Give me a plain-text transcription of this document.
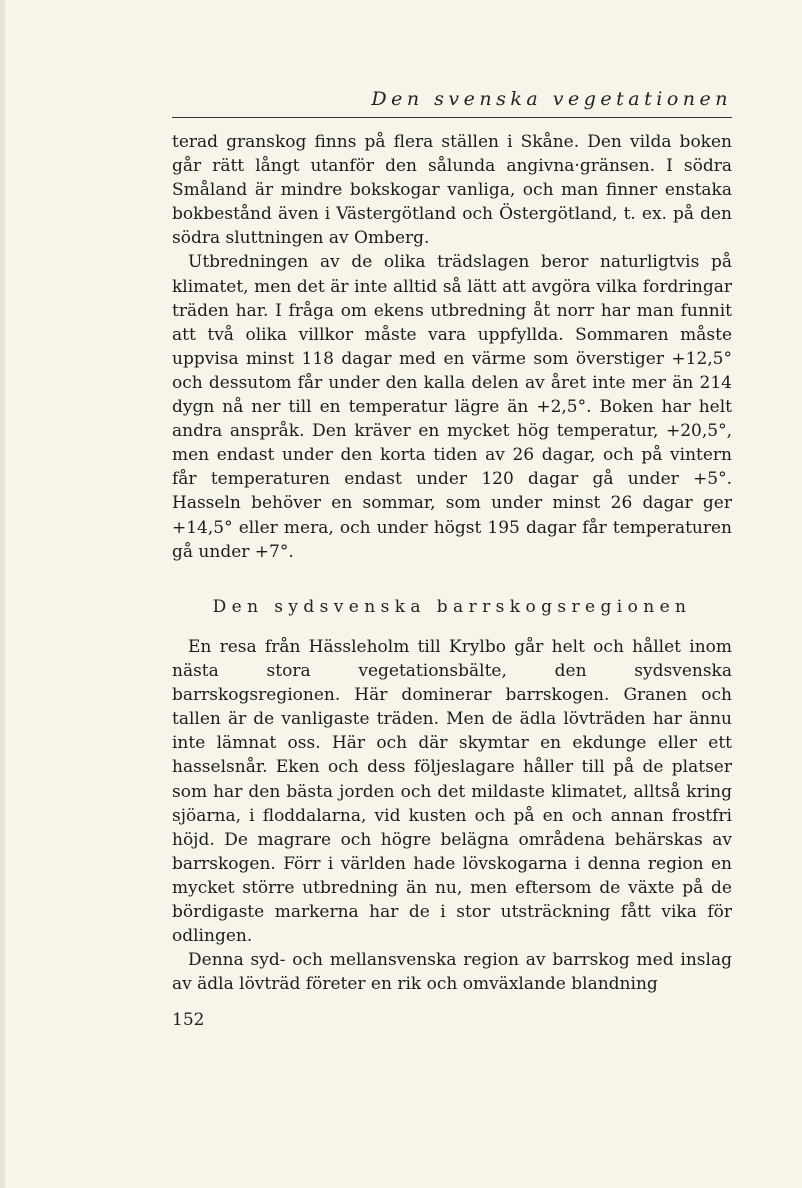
Den svenska vegetationen

terad granskog finns på flera ställen i Skåne. Den vilda boken går rätt långt utanför den sålunda angivna·gränsen. I södra Småland är mindre bokskogar vanliga, och man finner enstaka bokbestånd även i Västergötland och Östergötland, t. ex. på den södra sluttningen av Omberg.

Utbredningen av de olika trädslagen beror naturligtvis på klimatet, men det är inte alltid så lätt att avgöra vilka fordringar träden har. I fråga om ekens utbredning åt norr har man funnit att två olika villkor måste vara uppfyllda. Sommaren måste uppvisa minst 118 dagar med en värme som överstiger +12,5° och dessutom får under den kalla delen av året inte mer än 214 dygn nå ner till en temperatur lägre än +2,5°. Boken har helt andra anspråk. Den kräver en mycket hög temperatur, +20,5°, men endast under den korta tiden av 26 dagar, och på vintern får temperaturen endast under 120 dagar gå under +5°. Hasseln behöver en sommar, som under minst 26 dagar ger +14,5° eller mera, och under högst 195 dagar får temperaturen gå under +7°.

Den sydsvenska barrskogsregionen

En resa från Hässleholm till Krylbo går helt och hållet inom nästa stora vegetationsbälte, den sydsvenska barrskogsregionen. Här dominerar barrskogen. Granen och tallen är de vanligaste träden. Men de ädla lövträden har ännu inte lämnat oss. Här och där skymtar en ekdunge eller ett hasselsnår. Eken och dess följeslagare håller till på de platser som har den bästa jorden och det mildaste klimatet, alltså kring sjöarna, i floddalarna, vid kusten och på en och annan frostfri höjd. De magrare och högre belägna områdena behärskas av barrskogen. Förr i världen hade lövskogarna i denna region en mycket större utbredning än nu, men eftersom de växte på de bördigaste markerna har de i stor utsträckning fått vika för odlingen.

Denna syd- och mellansvenska region av barrskog med inslag av ädla lövträd företer en rik och omväxlande blandning

152
